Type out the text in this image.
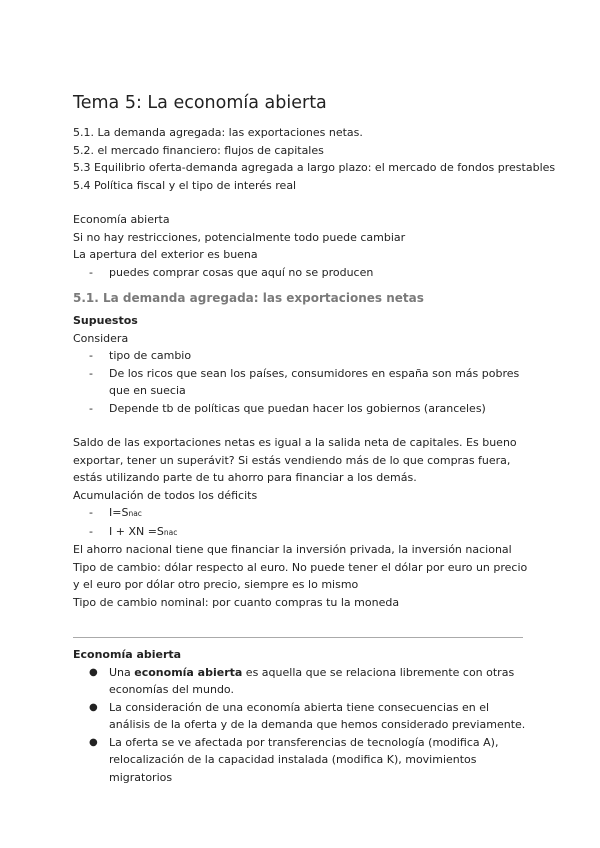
Tema 5: La economía abierta

5.1. La demanda agregada: las exportaciones netas.

5.2. el mercado financiero: flujos de capitales

5.3 Equilibrio oferta-demanda agregada a largo plazo: el mercado de fondos prestables

5.4 Política fiscal y el tipo de interés real

Economía abierta

Si no hay restricciones, potencialmente todo puede cambiar

La apertura del exterior es buena

- puedes comprar cosas que aquí no se producen
5.1. La demanda agregada: las exportaciones netas

Supuestos

Considera

- tipo de cambio
- De los ricos que sean los países, consumidores en españa son más pobres que en suecia
- Depende tb de políticas que puedan hacer los gobiernos (aranceles)

Saldo de las exportaciones netas es igual a la salida neta de capitales. Es bueno exportar, tener un superávit? Si estás vendiendo más de lo que compras fuera, estás utilizando parte de tu ahorro para financiar a los demás.

Acumulación de todos los déficits

- I=Snac
- I + XN =Snac

El ahorro nacional tiene que financiar la inversión privada, la inversión nacional

Tipo de cambio: dólar respecto al euro. No puede tener el dólar por euro un precio y el euro por dólar otro precio, siempre es lo mismo

Tipo de cambio nominal: por cuanto compras tu la moneda

Economía abierta

● Una economía abierta es aquella que se relaciona libremente con otras economías del mundo.
● La consideración de una economía abierta tiene consecuencias en el análisis de la oferta y de la demanda que hemos considerado previamente.
● La oferta se ve afectada por transferencias de tecnología (modifica A), relocalización de la capacidad instalada (modifica K), movimientos migratorios
